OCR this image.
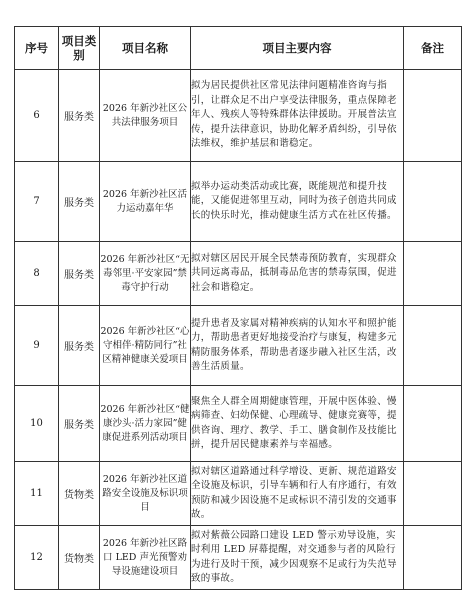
序号	项目类别	项目名称	项目主要内容	备注
6	服务类	2026 年新沙社区公共法律服务项目	拟为居民提供社区常见法律问题精准咨询与指引，让群众足不出户享受法律服务，重点保障老年人、残疾人等特殊群体法律援助。开展普法宣传，提升法律意识，协助化解矛盾纠纷，引导依法维权，维护基层和谐稳定。	
7	服务类	2026 年新沙社区活力运动嘉年华	拟举办运动类活动或比赛，既能规范和提升技能，又能促进邻里互动，同时为孩子创造共同成长的快乐时光，推动健康生活方式在社区传播。	
8	服务类	2026 年新沙社区“无毒邻里·平安家园”禁毒守护行动	拟对辖区居民开展全民禁毒预防教育，实现群众共同远离毒品，抵制毒品危害的禁毒氛围，促进社会和谐稳定。	
9	服务类	2026 年新沙社区“心守相伴·精防同行”社区精神健康关爱项目	提升患者及家属对精神疾病的认知水平和照护能力，帮助患者更好地接受治疗与康复，构建多元精防服务体系，帮助患者逐步融入社区生活，改善生活质量。	
10	服务类	2026 年新沙社区“健康沙头·活力家园”健康促进系列活动项目	聚焦全人群全周期健康管理，开展中医体验、慢病筛查、妇幼保健、心理疏导、健康竞赛等，提供咨询、理疗、教学、手工、膳食制作及技能比拼，提升居民健康素养与幸福感。	
11	货物类	2026 年新沙社区道路安全设施及标识项目	拟对辖区道路通过科学增设、更新、规范道路安全设施及标识，引导车辆和行人有序通行，有效预防和减少因设施不足或标识不清引发的交通事故。	
12	货物类	2026 年新沙社区路口 LED 声光预警劝导设施建设项目	拟对紫薇公园路口建设 LED 警示劝导设施，实时利用 LED 屏幕提醒，对交通参与者的风险行为进行及时干预，减少因观察不足或行为失范导致的事故。	
